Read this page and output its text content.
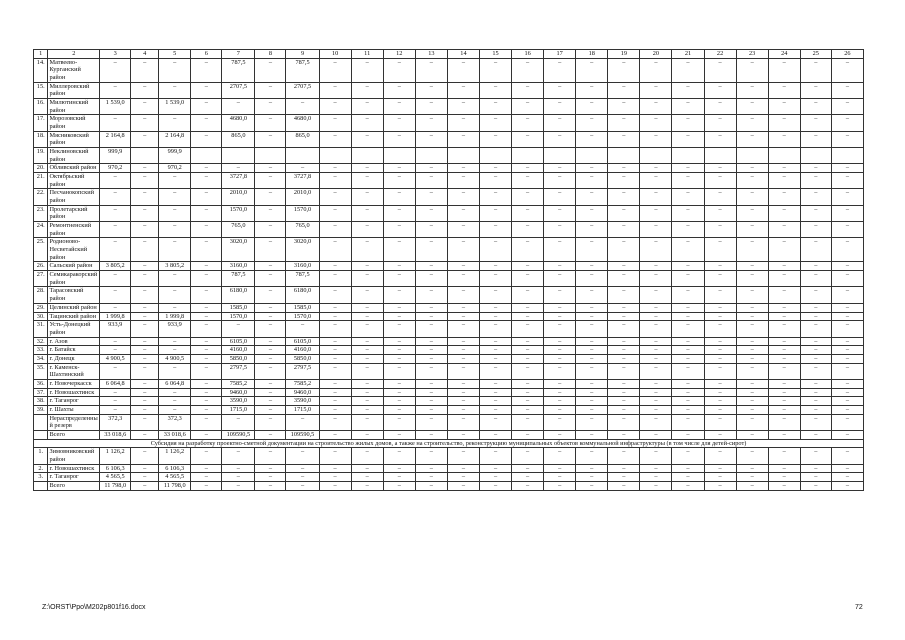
1	2	3	4	5	6	7	8	9	10	11	12	13	14	15	16	17	18	19	20	21	22	23	24	25	26
14.	Матвеево-Курганский район	–	–	–	–	787,5	–	787,5	–	–	–	–	–	–	–	–	–	–	–	–	–	–	–	–	–
15.	Миллеровский район	–	–	–	–	2707,5	–	2707,5	–	–	–	–	–	–	–	–	–	–	–	–	–	–	–	–	–
16.	Милютинский район	1 539,0	–	1 539,0	–	–	–	–	–	–	–	–	–	–	–	–	–	–	–	–	–	–	–	–	–
17.	Морозовский район	–	–	–	–	4680,0	–	4680,0	–	–	–	–	–	–	–	–	–	–	–	–	–	–	–	–	–
18.	Мясниковский район	2 164,8	–	2 164,8	–	865,0	–	865,0	–	–	–	–	–	–	–	–	–	–	–	–	–	–	–	–	–
19.	Неклиновский район	999,9		999,9																					
20.	Обливский район	970,2	–	970,2	–	–	–	–	–	–	–	–	–	–	–	–	–	–	–	–	–	–	–	–	–
21.	Октябрьский район	–	–	–	–	3727,8	–	3727,8	–	–	–	–	–	–	–	–	–	–	–	–	–	–	–	–	–
22.	Песчанокопский район	–	–	–	–	2010,0	–	2010,0	–	–	–	–	–	–	–	–	–	–	–	–	–	–	–	–	–
23.	Пролетарский район	–	–	–	–	1570,0	–	1570,0	–	–	–	–	–	–	–	–	–	–	–	–	–	–	–	–	–
24.	Ремонтненский район	–	–	–	–	765,0	–	765,0	–	–	–	–	–	–	–	–	–	–	–	–	–	–	–	–	–
25.	Родионово-Несветайский район	–	–	–	–	3020,0	–	3020,0	–	–	–	–	–	–	–	–	–	–	–	–	–	–	–	–	–
26.	Сальский район	3 805,2	–	3 805,2	–	3160,0	–	3160,0	–	–	–	–	–	–	–	–	–	–	–	–	–	–	–	–	–
27.	Семикаракорский район	–	–	–	–	787,5	–	787,5	–	–	–	–	–	–	–	–	–	–	–	–	–	–	–	–	–
28.	Тарасовский район	–	–	–	–	6180,0	–	6180,0	–	–	–	–	–	–	–	–	–	–	–	–	–	–	–	–	–
29.	Целинский район	–	–	–	–	1585,0	–	1585,0	–	–	–	–	–	–	–	–	–	–	–	–	–	–	–	–	–
30.	Тацинский район	1 999,8	–	1 999,8	–	1570,0	–	1570,0	–	–	–	–	–	–	–	–	–	–	–	–	–	–	–	–	–
31.	Усть-Донецкий район	933,9	–	933,9	–	–	–	–	–	–	–	–	–	–	–	–	–	–	–	–	–	–	–	–	–
32.	г. Азов	–	–	–	–	6105,0	–	6105,0	–	–	–	–	–	–	–	–	–	–	–	–	–	–	–	–	–
33.	г. Батайск	–	–	–	–	4160,0	–	4160,0	–	–	–	–	–	–	–	–	–	–	–	–	–	–	–	–	–
34.	г. Донецк	4 900,5	–	4 900,5	–	5850,0	–	5850,0	–	–	–	–	–	–	–	–	–	–	–	–	–	–	–	–	–
35.	г. Каменск-Шахтинский	–	–	–	–	2797,5	–	2797,5	–	–	–	–	–	–	–	–	–	–	–	–	–	–	–	–	–
36.	г. Новочеркасск	6 064,8	–	6 064,8	–	7585,2	–	7585,2	–	–	–	–	–	–	–	–	–	–	–	–	–	–	–	–	–
37.	г. Новошахтинск	–	–	–	–	9460,0	–	9460,0	–	–	–	–	–	–	–	–	–	–	–	–	–	–	–	–	–
38.	г. Таганрог	–	–	–	–	3590,0	–	3590,0	–	–	–	–	–	–	–	–	–	–	–	–	–	–	–	–	–
39.	г. Шахты	–	–	–	–	1715,0	–	1715,0	–	–	–	–	–	–	–	–	–	–	–	–	–	–	–	–	–
	Нераспределенный резерв	372,3	–	372,3	–	–	–	–	–	–	–	–	–	–	–	–	–	–	–	–	–	–	–	–	–
	Всего	33 018,6	–	33 018,6	–	109590,5	–	109590,5	–	–	–	–	–	–	–	–	–	–	–	–	–	–	–	–	–
Субсидия на разработку проектно-сметной документации на строительство жилых домов, а также на строительство, реконструкцию муниципальных объектов коммунальной инфраструктуры (в том числе для детей-сирот)																									
1.	Зимовниковский район	1 126,2	–	1 126,2	–	–	–	–	–	–	–	–	–	–	–	–	–	–	–	–	–	–	–	–	–
2.	г. Новошахтинск	6 106,3	–	6 106,3	–	–	–	–	–	–	–	–	–	–	–	–	–	–	–	–	–	–	–	–	–
3.	г. Таганрог	4 565,5	–	4 565,5	–	–	–	–	–	–	–	–	–	–	–	–	–	–	–	–	–	–	–	–	–
	Всего	11 798,0	–	11 798,0	–	–	–	–	–	–	–	–	–	–	–	–	–	–	–	–	–	–	–	–	–
Z:\ORST\Ppo\M202p801f16.docx	72
